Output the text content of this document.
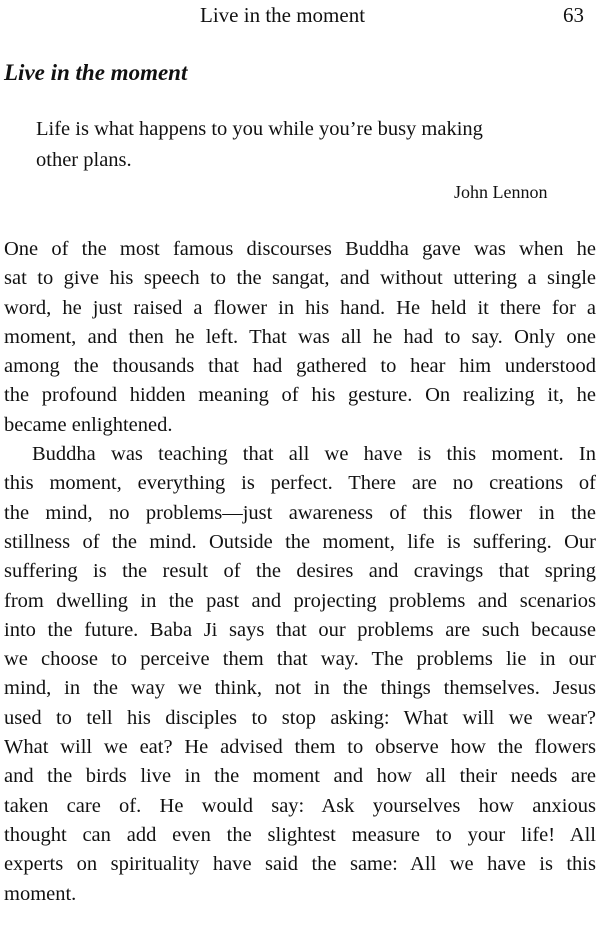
Live in the moment	63
Live in the moment

Life is what happens to you while you’re busy making
other plans.

John Lennon

One of the most famous discourses Buddha gave was when he
sat to give his speech to the sangat, and without uttering a single
word, he just raised a flower in his hand. He held it there for a
moment, and then he left. That was all he had to say. Only one
among the thousands that had gathered to hear him understood
the profound hidden meaning of his gesture. On realizing it, he
became enlightened.

Buddha was teaching that all we have is this moment. In
this moment, everything is perfect. There are no creations of
the mind, no problems—just awareness of this flower in the
stillness of the mind. Outside the moment, life is suffering. Our
suffering is the result of the desires and cravings that spring
from dwelling in the past and projecting problems and scenarios
into the future. Baba Ji says that our problems are such because
we choose to perceive them that way. The problems lie in our
mind, in the way we think, not in the things themselves. Jesus
used to tell his disciples to stop asking: What will we wear?
What will we eat? He advised them to observe how the flowers
and the birds live in the moment and how all their needs are
taken care of. He would say: Ask yourselves how anxious
thought can add even the slightest measure to your life! All
experts on spirituality have said the same: All we have is this
moment.
